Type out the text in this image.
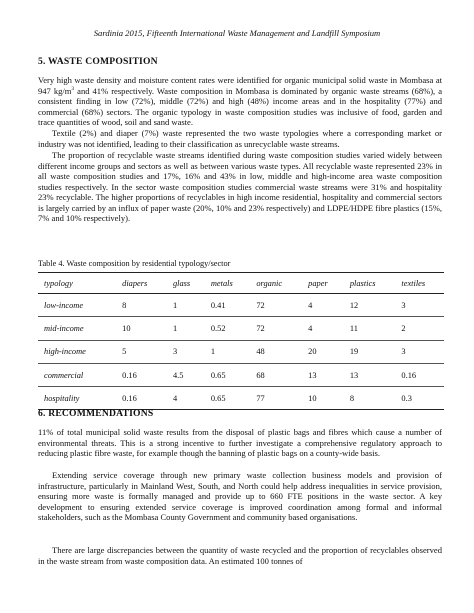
Sardinia 2015, Fifteenth International Waste Management and Landfill Symposium
5. WASTE COMPOSITION

Very high waste density and moisture content rates were identified for organic municipal solid waste in Mombasa at 947 $kg/m^3$ and 41% respectively. Waste composition in Mombasa is dominated by organic waste streams (68%), a consistent finding in low (72%), middle (72%) and high (48%) income areas and in the hospitality (77%) and commercial (68%) sectors. The organic typology in waste composition studies was inclusive of food, garden and trace quantities of wood, soil and sand waste.

Textile (2%) and diaper (7%) waste represented the two waste typologies where a corresponding market or industry was not identified, leading to their classification as unrecyclable waste streams.

The proportion of recyclable waste streams identified during waste composition studies varied widely between different income groups and sectors as well as between various waste types. All recyclable waste represented 23% in all waste composition studies and 17%, 16% and 43% in low, middle and high-income area waste composition studies respectively. In the sector waste composition studies commercial waste streams were 31% and hospitality 23% recyclable. The higher proportions of recyclables in high income residential, hospitality and commercial sectors is largely carried by an influx of paper waste (20%, 10% and 23% respectively) and LDPE/HDPE fibre plastics (15%, 7% and 10% respectively).

Table 4. Waste composition by residential typology/sector
typology	diapers	glass	metals	organic	paper	plastics	textiles
low-income	8	1	0.41	72	4	12	3
mid-income	10	1	0.52	72	4	11	2
high-income	5	3	1	48	20	19	3
commercial	0.16	4.5	0.65	68	13	13	0.16
hospitality	0.16	4	0.65	77	10	8	0.3
6. RECOMMENDATIONS

11% of total municipal solid waste results from the disposal of plastic bags and fibres which cause a number of environmental threats. This is a strong incentive to further investigate a comprehensive regulatory approach to reducing plastic fibre waste, for example though the banning of plastic bags on a county-wide basis.

Extending service coverage through new primary waste collection business models and provision of infrastructure, particularly in Mainland West, South, and North could help address inequalities in service provision, ensuring more waste is formally managed and provide up to 660 FTE positions in the waste sector. A key development to ensuring extended service coverage is improved coordination among formal and informal stakeholders, such as the Mombasa County Government and community based organisations.

There are large discrepancies between the quantity of waste recycled and the proportion of recyclables observed in the waste stream from waste composition data. An estimated 100 tonnes of
